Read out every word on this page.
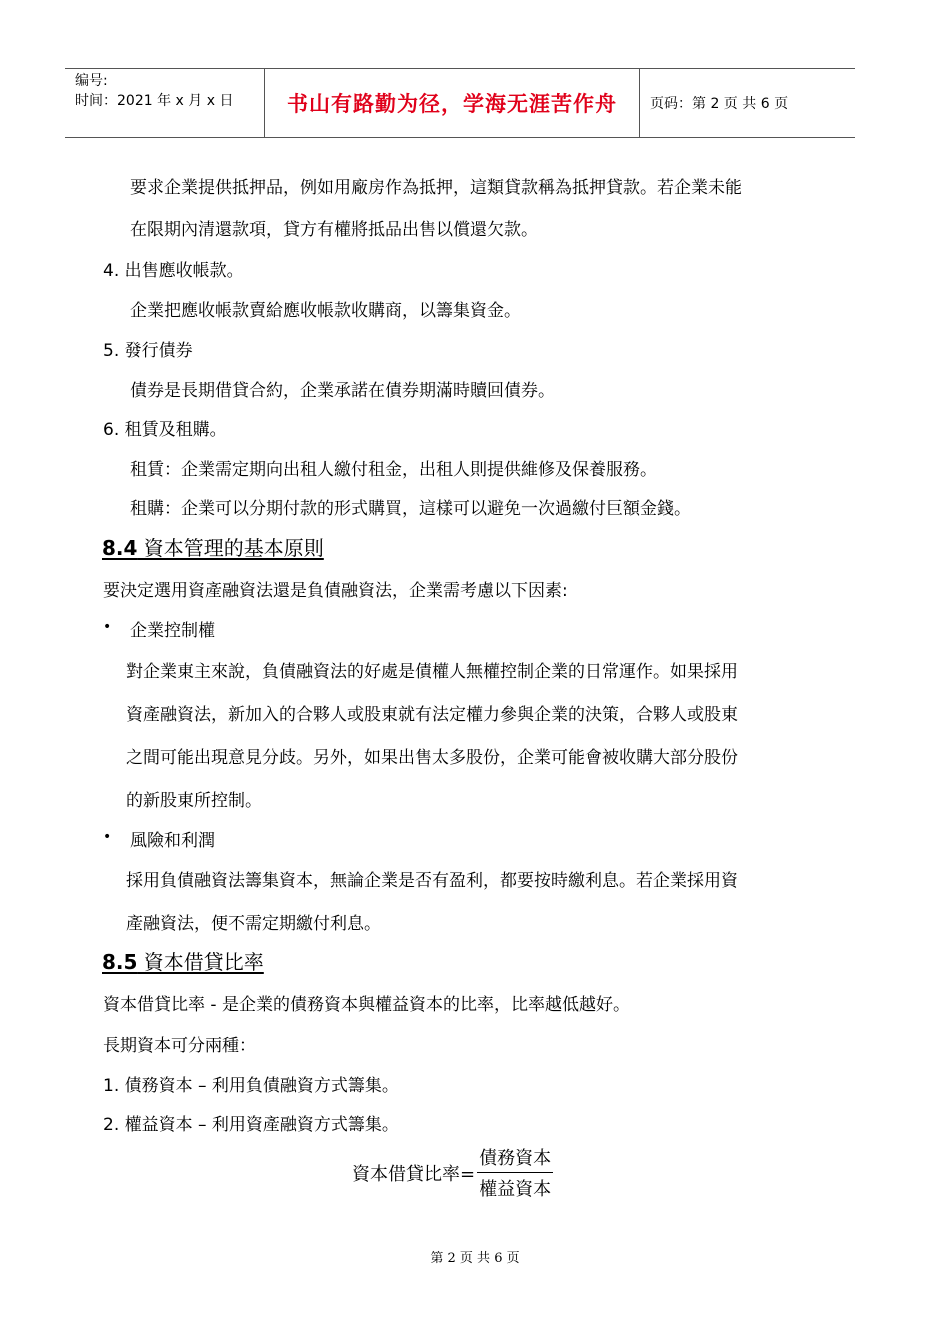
编号:
时间：2021 年 x 月 x 日	书山有路勤为径，学海无涯苦作舟	页码：第 2 页 共 6 页
要求企業提供抵押品，例如用廠房作為抵押，這類貸款稱為抵押貸款。若企業未能
在限期內清還款項，貸方有權將抵品出售以償還欠款。
4. 出售應收帳款。
企業把應收帳款賣給應收帳款收購商，以籌集資金。
5. 發行債券
債券是長期借貸合約，企業承諾在債券期滿時贖回債券。
6. 租賃及租購。
租賃：企業需定期向出租人繳付租金，出租人則提供維修及保養服務。
租購：企業可以分期付款的形式購買，這樣可以避免一次過繳付巨額金錢。
8.4 資本管理的基本原則
要決定選用資產融資法還是負債融資法，企業需考慮以下因素:
• 企業控制權
對企業東主來說，負債融資法的好處是債權人無權控制企業的日常運作。如果採用
資產融資法，新加入的合夥人或股東就有法定權力參與企業的決策，合夥人或股東
之間可能出現意見分歧。另外，如果出售太多股份，企業可能會被收購大部分股份
的新股東所控制。
• 風險和利潤
採用負債融資法籌集資本，無論企業是否有盈利，都要按時繳利息。若企業採用資
產融資法，便不需定期繳付利息。
8.5 資本借貸比率
資本借貸比率 - 是企業的債務資本與權益資本的比率，比率越低越好。
長期資本可分兩種：
1. 債務資本 – 利用負債融資方式籌集。
2. 權益資本 – 利用資產融資方式籌集。
資本借貸比率= $\frac{\text{債務資本}}{\text{權益資本}}$
第 2 页 共 6 页
